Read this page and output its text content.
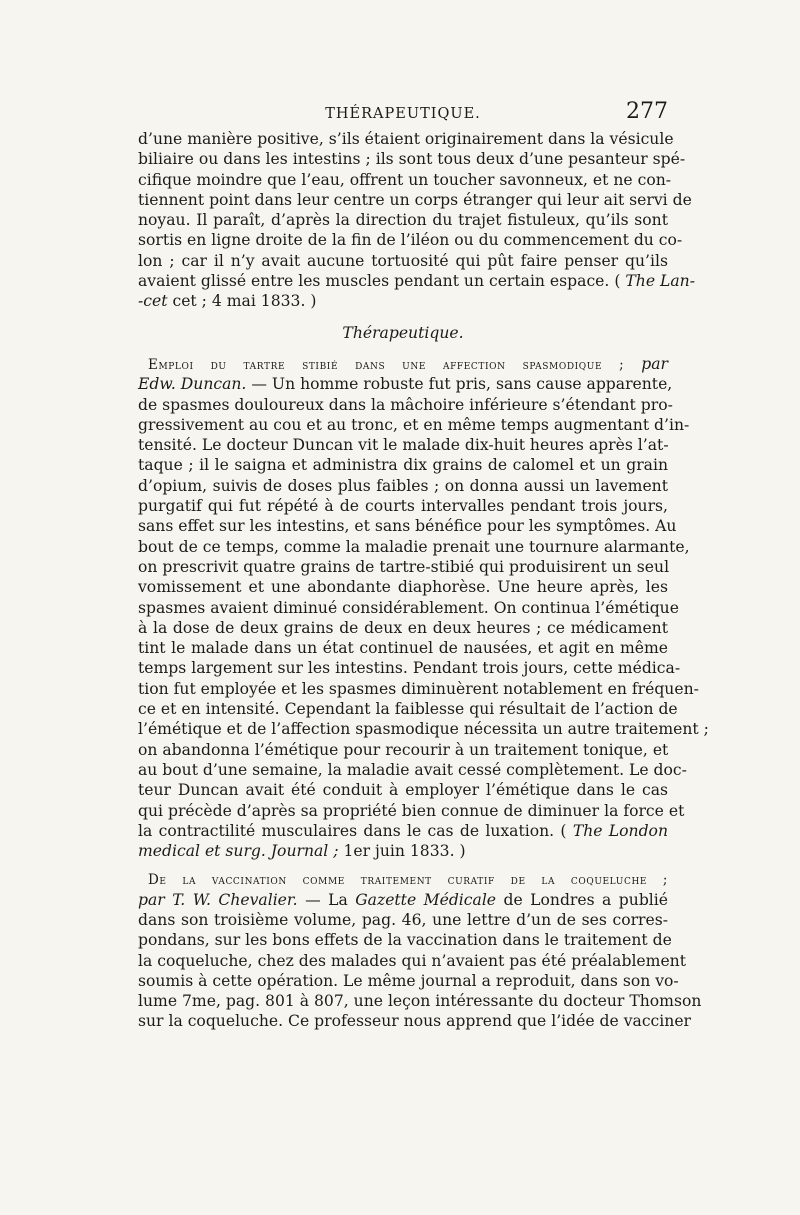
THÉRAPEUTIQUE.	277
d’une manière positive, s’ils étaient originairement dans la vésicule
biliaire ou dans les intestins ; ils sont tous deux d’une pesanteur spé-
cifique moindre que l’eau, offrent un toucher savonneux, et ne con-
tiennent point dans leur centre un corps étranger qui leur ait servi de
noyau. Il paraît, d’après la direction du trajet fistuleux, qu’ils sont
sortis en ligne droite de la fin de l’iléon ou du commencement du co-
lon ; car il n’y avait aucune tortuosité qui pût faire penser qu’ils
avaient glissé entre les muscles pendant un certain espace. ( The Lan-
-cet cet ; 4 mai 1833. )
Thérapeutique.
Emploi du tartre stibié dans une affection spasmodique ; par
Edw. Duncan. — Un homme robuste fut pris, sans cause apparente,
de spasmes douloureux dans la mâchoire inférieure s’étendant pro-
gressivement au cou et au tronc, et en même temps augmentant d’in-
tensité. Le docteur Duncan vit le malade dix-huit heures après l’at-
taque ; il le saigna et administra dix grains de calomel et un grain
d’opium, suivis de doses plus faibles ; on donna aussi un lavement
purgatif qui fut répété à de courts intervalles pendant trois jours,
sans effet sur les intestins, et sans bénéfice pour les symptômes. Au
bout de ce temps, comme la maladie prenait une tournure alarmante,
on prescrivit quatre grains de tartre-stibié qui produisirent un seul
vomissement et une abondante diaphorèse. Une heure après, les
spasmes avaient diminué considérablement. On continua l’émétique
à la dose de deux grains de deux en deux heures ; ce médicament
tint le malade dans un état continuel de nausées, et agit en même
temps largement sur les intestins. Pendant trois jours, cette médica-
tion fut employée et les spasmes diminuèrent notablement en fréquen-
ce et en intensité. Cependant la faiblesse qui résultait de l’action de
l’émétique et de l’affection spasmodique nécessita un autre traitement ;
on abandonna l’émétique pour recourir à un traitement tonique, et
au bout d’une semaine, la maladie avait cessé complètement. Le doc-
teur Duncan avait été conduit à employer l’émétique dans le cas
qui précède d’après sa propriété bien connue de diminuer la force et
la contractilité musculaires dans le cas de luxation. ( The London
medical et surg. Journal ; 1er juin 1833. )
De la vaccination comme traitement curatif de la coqueluche ;
par T. W. Chevalier. — La Gazette Médicale de Londres a publié
dans son troisième volume, pag. 46, une lettre d’un de ses corres-
pondans, sur les bons effets de la vaccination dans le traitement de
la coqueluche, chez des malades qui n’avaient pas été préalablement
soumis à cette opération. Le même journal a reproduit, dans son vo-
lume 7me, pag. 801 à 807, une leçon intéressante du docteur Thomson
sur la coqueluche. Ce professeur nous apprend que l’idée de vacciner
